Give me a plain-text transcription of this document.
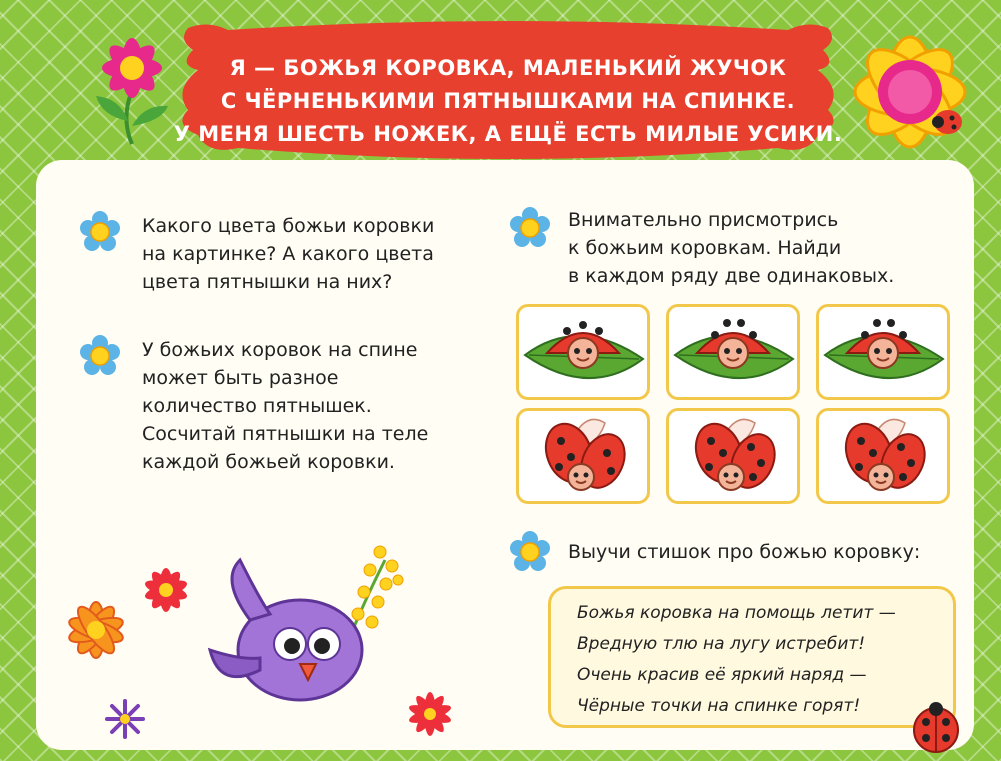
Я — БОЖЬЯ КОРОВКА, МАЛЕНЬКИЙ ЖУЧОК
С ЧЁРНЕНЬКИМИ ПЯТНЫШКАМИ НА СПИНКЕ.
У МЕНЯ ШЕСТЬ НОЖЕК, А ЕЩЁ ЕСТЬ МИЛЫЕ УСИКИ.
Какого цвета божьи коровки
на картинке? А какого цвета
цвета пятнышки на них?
У божьих коровок на спине
может быть разное
количество пятнышек.
Сосчитай пятнышки на теле
каждой божьей коровки.
Внимательно присмотрись
к божьим коровкам. Найди
в каждом ряду две одинаковых.
Выучи стишок про божью коровку:
Божья коровка на помощь летит —
Вредную тлю на лугу истребит!
Очень красив её яркий наряд —
Чёрные точки на спинке горят!
